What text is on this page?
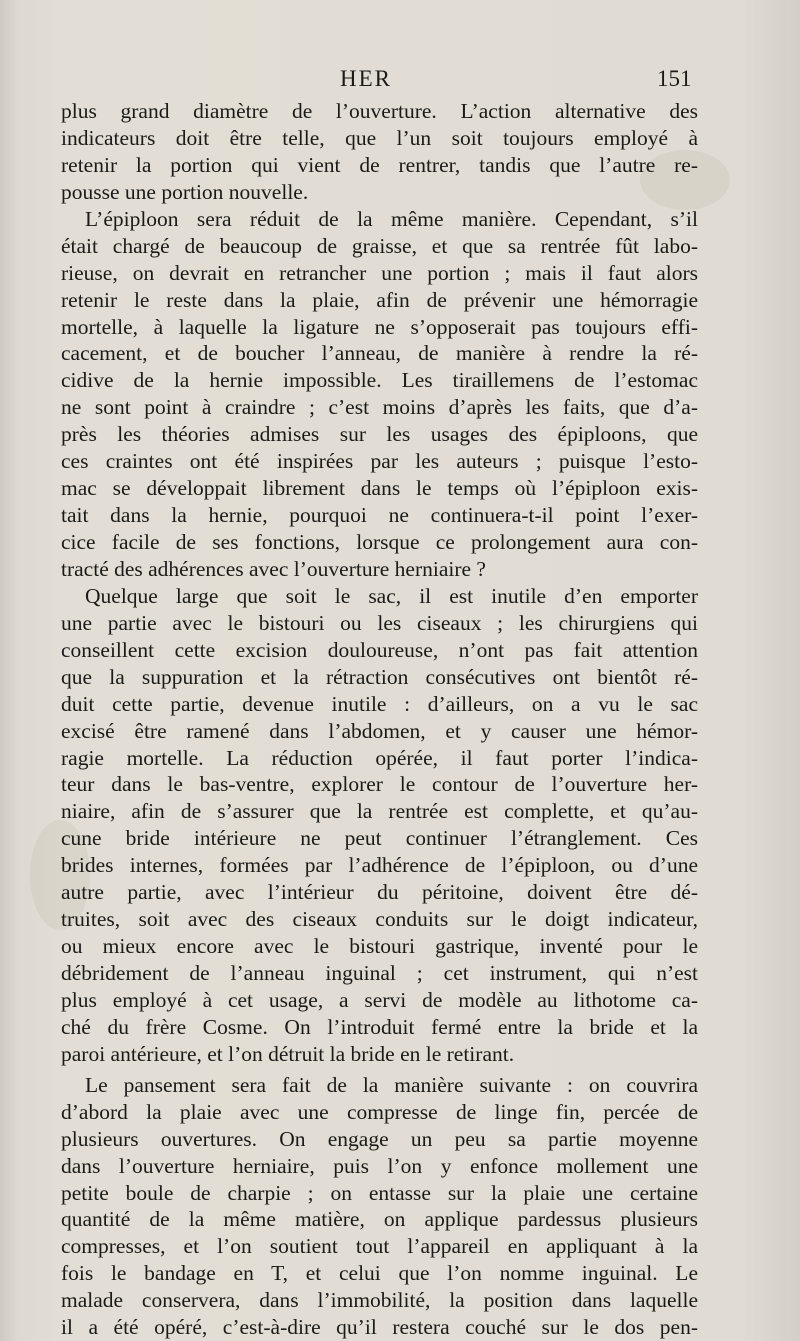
HER	151
plus grand diamètre de l’ouverture. L’action alternative des
indicateurs doit être telle, que l’un soit toujours employé à
retenir la portion qui vient de rentrer, tandis que l’autre re-
pousse une portion nouvelle.
L’épiploon sera réduit de la même manière. Cependant, s’il
était chargé de beaucoup de graisse, et que sa rentrée fût labo-
rieuse, on devrait en retrancher une portion ; mais il faut alors
retenir le reste dans la plaie, afin de prévenir une hémorragie
mortelle, à laquelle la ligature ne s’opposerait pas toujours effi-
cacement, et de boucher l’anneau, de manière à rendre la ré-
cidive de la hernie impossible. Les tiraillemens de l’estomac
ne sont point à craindre ; c’est moins d’après les faits, que d’a-
près les théories admises sur les usages des épiploons, que
ces craintes ont été inspirées par les auteurs ; puisque l’esto-
mac se développait librement dans le temps où l’épiploon exis-
tait dans la hernie, pourquoi ne continuera-t-il point l’exer-
cice facile de ses fonctions, lorsque ce prolongement aura con-
tracté des adhérences avec l’ouverture herniaire ?
Quelque large que soit le sac, il est inutile d’en emporter
une partie avec le bistouri ou les ciseaux ; les chirurgiens qui
conseillent cette excision douloureuse, n’ont pas fait attention
que la suppuration et la rétraction consécutives ont bientôt ré-
duit cette partie, devenue inutile : d’ailleurs, on a vu le sac
excisé être ramené dans l’abdomen, et y causer une hémor-
ragie mortelle. La réduction opérée, il faut porter l’indica-
teur dans le bas-ventre, explorer le contour de l’ouverture her-
niaire, afin de s’assurer que la rentrée est complette, et qu’au-
cune bride intérieure ne peut continuer l’étranglement. Ces
brides internes, formées par l’adhérence de l’épiploon, ou d’une
autre partie, avec l’intérieur du péritoine, doivent être dé-
truites, soit avec des ciseaux conduits sur le doigt indicateur,
ou mieux encore avec le bistouri gastrique, inventé pour le
débridement de l’anneau inguinal ; cet instrument, qui n’est
plus employé à cet usage, a servi de modèle au lithotome ca-
ché du frère Cosme. On l’introduit fermé entre la bride et la
paroi antérieure, et l’on détruit la bride en le retirant.
Le pansement sera fait de la manière suivante : on couvrira
d’abord la plaie avec une compresse de linge fin, percée de
plusieurs ouvertures. On engage un peu sa partie moyenne
dans l’ouverture herniaire, puis l’on y enfonce mollement une
petite boule de charpie ; on entasse sur la plaie une certaine
quantité de la même matière, on applique pardessus plusieurs
compresses, et l’on soutient tout l’appareil en appliquant à la
fois le bandage en T, et celui que l’on nomme inguinal. Le
malade conservera, dans l’immobilité, la position dans laquelle
il a été opéré, c’est-à-dire qu’il restera couché sur le dos pen-
